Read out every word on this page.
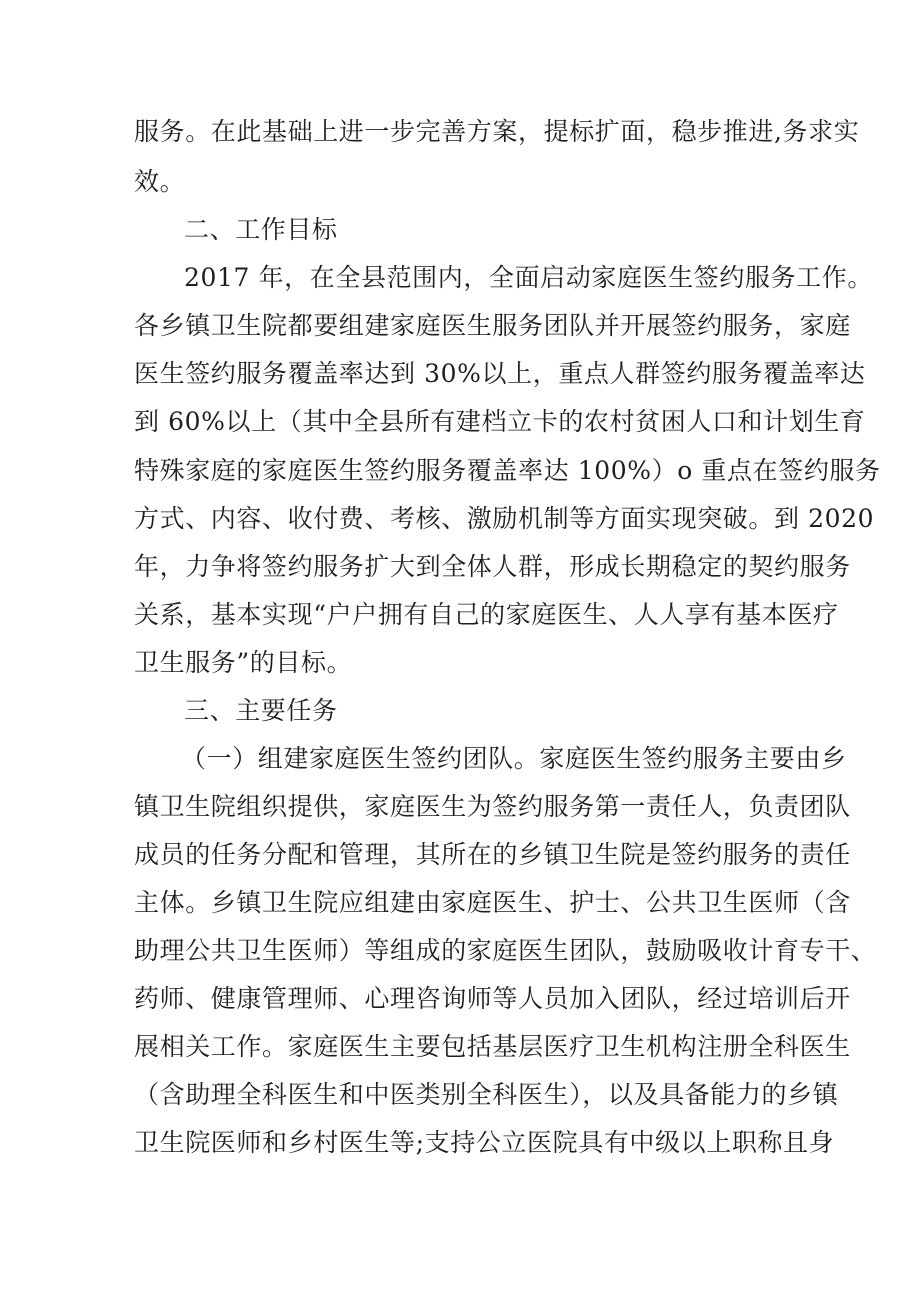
服务。在此基础上进一步完善方案，提标扩面，稳步推进,务求实
效。
二、工作目标
2017 年，在全县范围内，全面启动家庭医生签约服务工作。
各乡镇卫生院都要组建家庭医生服务团队并开展签约服务，家庭
医生签约服务覆盖率达到 30%以上，重点人群签约服务覆盖率达
到 60%以上（其中全县所有建档立卡的农村贫困人口和计划生育
特殊家庭的家庭医生签约服务覆盖率达 100%）o 重点在签约服务
方式、内容、收付费、考核、激励机制等方面实现突破。到 2020
年，力争将签约服务扩大到全体人群，形成长期稳定的契约服务
关系，基本实现“户户拥有自己的家庭医生、人人享有基本医疗
卫生服务”的目标。
三、主要任务
（一）组建家庭医生签约团队。家庭医生签约服务主要由乡
镇卫生院组织提供，家庭医生为签约服务第一责任人，负责团队
成员的任务分配和管理，其所在的乡镇卫生院是签约服务的责任
主体。乡镇卫生院应组建由家庭医生、护士、公共卫生医师（含
助理公共卫生医师）等组成的家庭医生团队，鼓励吸收计育专干、
药师、健康管理师、心理咨询师等人员加入团队，经过培训后开
展相关工作。家庭医生主要包括基层医疗卫生机构注册全科医生
（含助理全科医生和中医类别全科医生），以及具备能力的乡镇
卫生院医师和乡村医生等;支持公立医院具有中级以上职称且身
